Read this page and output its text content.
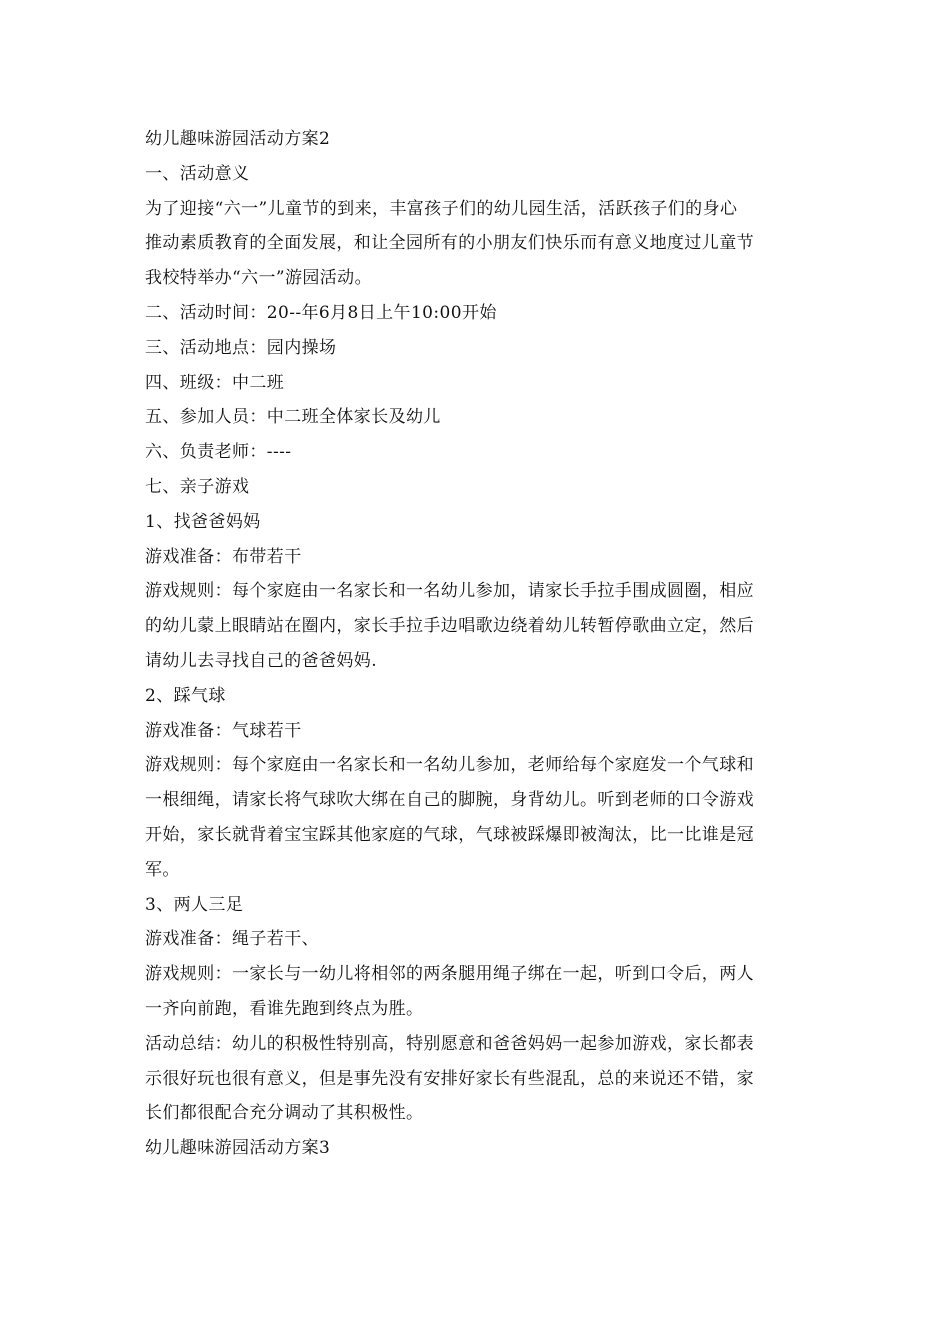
幼儿趣味游园活动方案2
一、活动意义
为了迎接“六一”儿童节的到来，丰富孩子们的幼儿园生活，活跃孩子们的身心
推动素质教育的全面发展，和让全园所有的小朋友们快乐而有意义地度过儿童节
我校特举办“六一”游园活动。
二、活动时间：20--年6月8日上午10:00开始
三、活动地点：园内操场
四、班级：中二班
五、参加人员：中二班全体家长及幼儿
六、负责老师：----
七、亲子游戏
1、找爸爸妈妈
游戏准备：布带若干
游戏规则：每个家庭由一名家长和一名幼儿参加，请家长手拉手围成圆圈，相应
的幼儿蒙上眼睛站在圈内，家长手拉手边唱歌边绕着幼儿转暂停歌曲立定，然后
请幼儿去寻找自己的爸爸妈妈.
2、踩气球
游戏准备：气球若干
游戏规则：每个家庭由一名家长和一名幼儿参加，老师给每个家庭发一个气球和
一根细绳，请家长将气球吹大绑在自己的脚腕，身背幼儿。听到老师的口令游戏
开始，家长就背着宝宝踩其他家庭的气球，气球被踩爆即被淘汰，比一比谁是冠
军。
3、两人三足
游戏准备：绳子若干、
游戏规则：一家长与一幼儿将相邻的两条腿用绳子绑在一起，听到口令后，两人
一齐向前跑，看谁先跑到终点为胜。
活动总结：幼儿的积极性特别高，特别愿意和爸爸妈妈一起参加游戏，家长都表
示很好玩也很有意义，但是事先没有安排好家长有些混乱，总的来说还不错，家
长们都很配合充分调动了其积极性。
幼儿趣味游园活动方案3
